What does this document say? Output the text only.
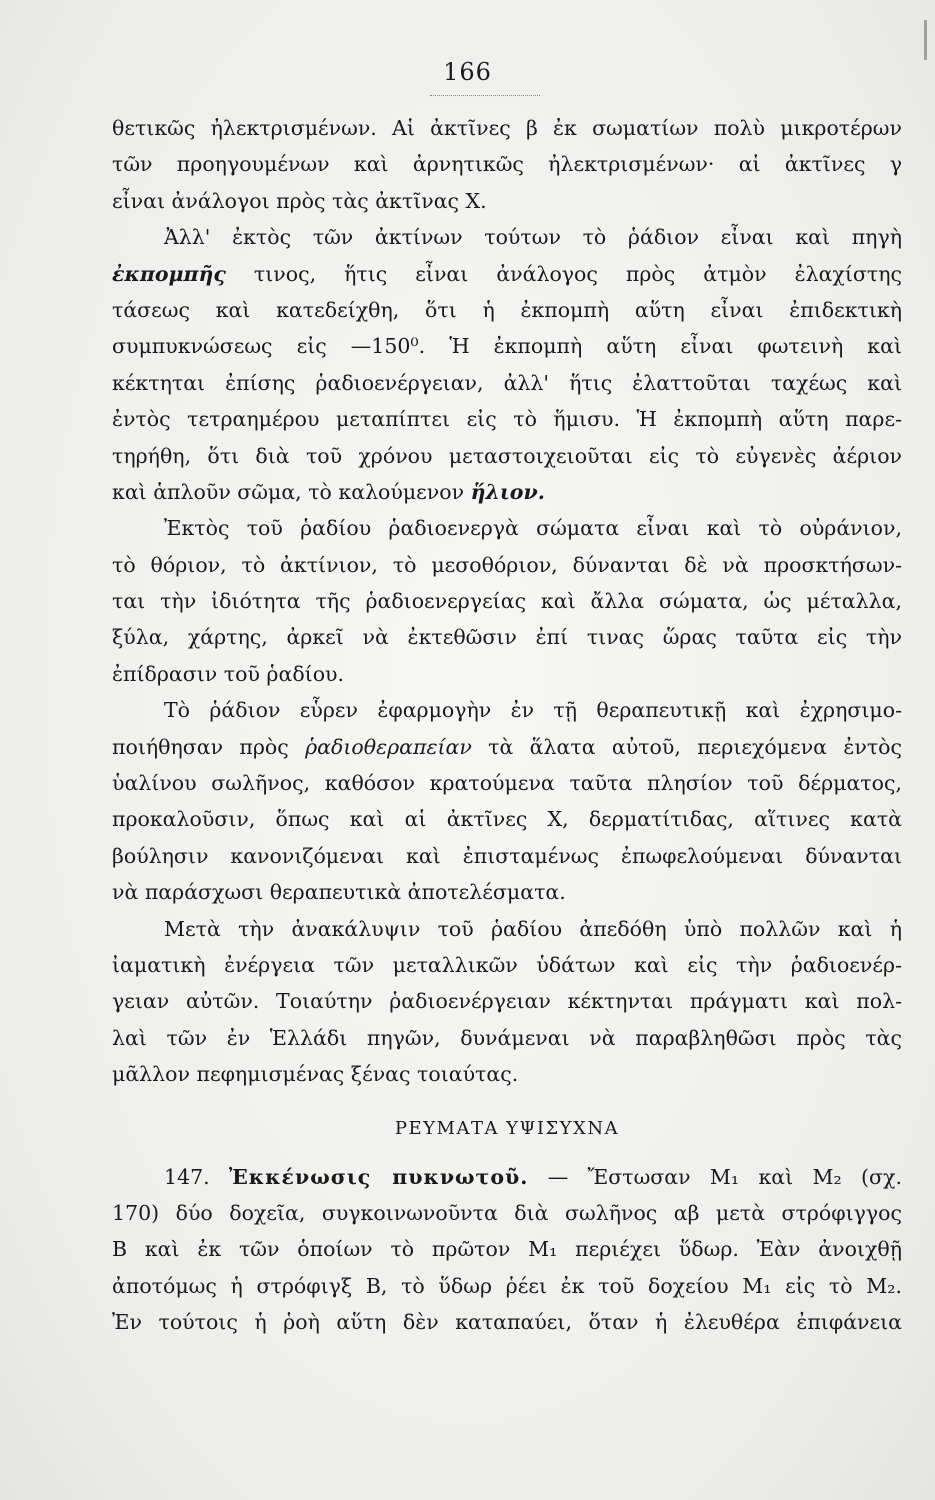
166
θετικῶς ἠλεκτρισμένων. Αἱ ἀκτῖνες β ἐκ σωματίων πολὺ μικροτέρων
τῶν προηγουμένων καὶ ἀρνητικῶς ἠλεκτρισμένων· αἱ ἀκτῖνες γ
εἶναι ἀνάλογοι πρὸς τὰς ἀκτῖνας Χ.
Ἀλλ' ἐκτὸς τῶν ἀκτίνων τούτων τὸ ῥάδιον εἶναι καὶ πηγὴ
ἐκπομπῆς τινος, ἥτις εἶναι ἀνάλογος πρὸς ἀτμὸν ἐλαχίστης
τάσεως καὶ κατεδείχθη, ὅτι ἡ ἐκπομπὴ αὕτη εἶναι ἐπιδεκτικὴ
συμπυκνώσεως εἰς —150⁰. Ἡ ἐκπομπὴ αὕτη εἶναι φωτεινὴ καὶ
κέκτηται ἐπίσης ῥαδιοενέργειαν, ἀλλ' ἥτις ἐλαττοῦται ταχέως καὶ
ἐντὸς τετραημέρου μεταπίπτει εἰς τὸ ἥμισυ. Ἡ ἐκπομπὴ αὕτη παρε-
τηρήθη, ὅτι διὰ τοῦ χρόνου μεταστοιχειοῦται εἰς τὸ εὐγενὲς ἀέριον
καὶ ἁπλοῦν σῶμα, τὸ καλούμενον ἥλιον.
Ἐκτὸς τοῦ ῥαδίου ῥαδιοενεργὰ σώματα εἶναι καὶ τὸ οὐράνιον,
τὸ θόριον, τὸ ἀκτίνιον, τὸ μεσοθόριον, δύνανται δὲ νὰ προσκτήσων-
ται τὴν ἰδιότητα τῆς ῥαδιοενεργείας καὶ ἄλλα σώματα, ὡς μέταλλα,
ξύλα, χάρτης, ἀρκεῖ νὰ ἐκτεθῶσιν ἐπί τινας ὥρας ταῦτα εἰς τὴν
ἐπίδρασιν τοῦ ῥαδίου.
Τὸ ῥάδιον εὗρεν ἐφαρμογὴν ἐν τῇ θεραπευτικῇ καὶ ἐχρησιμο-
ποιήθησαν πρὸς ῥαδιοθεραπείαν τὰ ἅλατα αὐτοῦ, περιεχόμενα ἐντὸς
ὑαλίνου σωλῆνος, καθόσον κρατούμενα ταῦτα πλησίον τοῦ δέρματος,
προκαλοῦσιν, ὅπως καὶ αἱ ἀκτῖνες Χ, δερματίτιδας, αἵτινες κατὰ
βούλησιν κανονιζόμεναι καὶ ἐπισταμένως ἐπωφελούμεναι δύνανται
νὰ παράσχωσι θεραπευτικὰ ἀποτελέσματα.
Μετὰ τὴν ἀνακάλυψιν τοῦ ῥαδίου ἀπεδόθη ὑπὸ πολλῶν καὶ ἡ
ἰαματικὴ ἐνέργεια τῶν μεταλλικῶν ὑδάτων καὶ εἰς τὴν ῥαδιοενέρ-
γειαν αὐτῶν. Τοιαύτην ῥαδιοενέργειαν κέκτηνται πράγματι καὶ πολ-
λαὶ τῶν ἐν Ἑλλάδι πηγῶν, δυνάμεναι νὰ παραβληθῶσι πρὸς τὰς
μᾶλλον πεφημισμένας ξένας τοιαύτας.
ΡΕΥΜΑΤΑ ΥΨΙΣΥΧΝΑ
147. Ἐκκένωσις πυκνωτοῦ. — Ἔστωσαν Μ₁ καὶ Μ₂ (σχ.
170) δύο δοχεῖα, συγκοινωνοῦντα διὰ σωλῆνος αβ μετὰ στρόφιγγος
Β καὶ ἐκ τῶν ὁποίων τὸ πρῶτον Μ₁ περιέχει ὕδωρ. Ἐὰν ἀνοιχθῇ
ἀποτόμως ἡ στρόφιγξ Β, τὸ ὕδωρ ῥέει ἐκ τοῦ δοχείου Μ₁ εἰς τὸ Μ₂.
Ἐν τούτοις ἡ ῥοὴ αὕτη δὲν καταπαύει, ὅταν ἡ ἐλευθέρα ἐπιφάνεια
